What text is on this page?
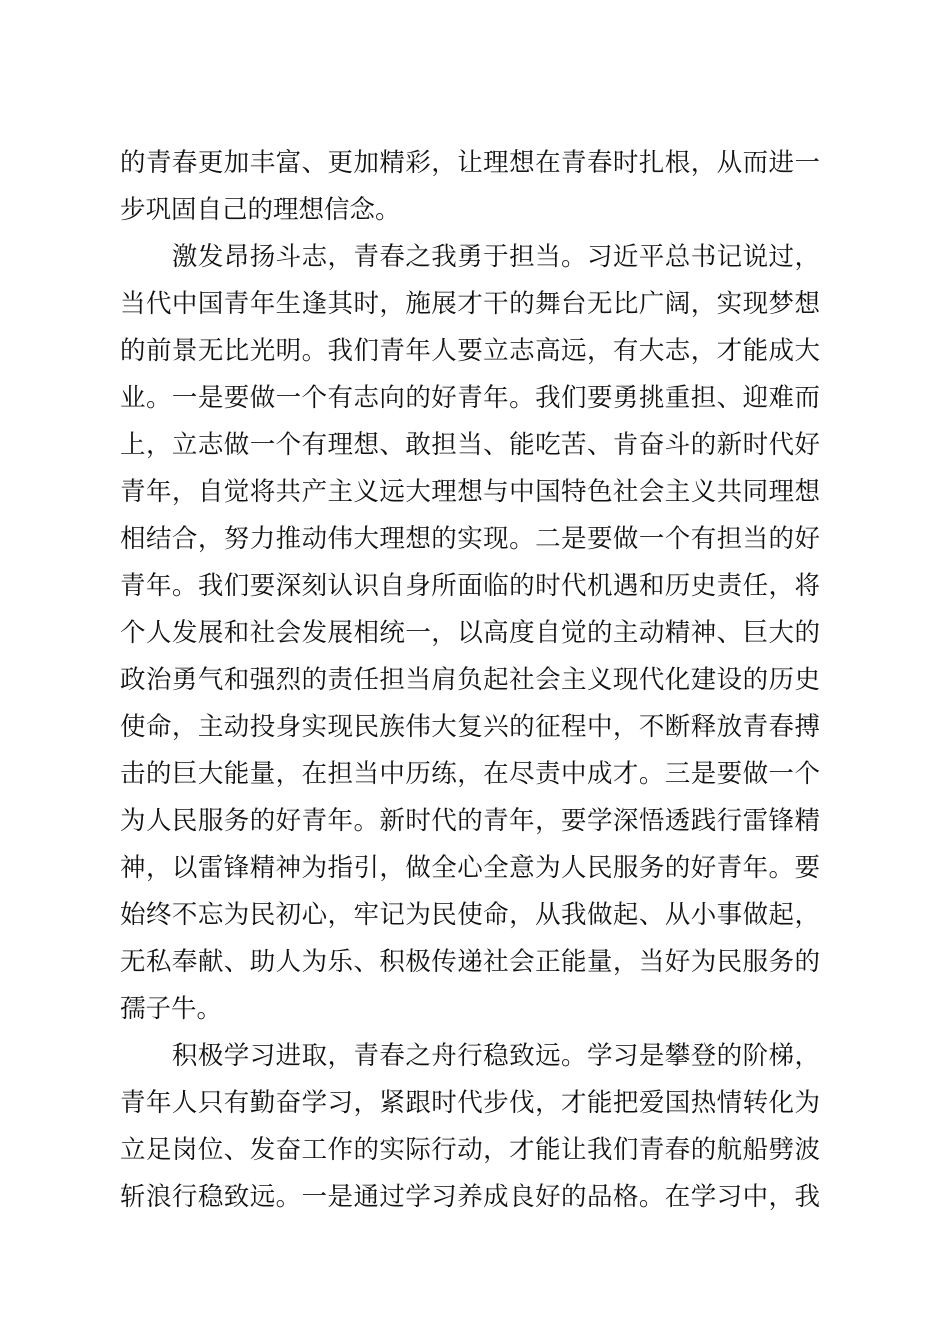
的青春更加丰富、更加精彩，让理想在青春时扎根，从而进一
步巩固自己的理想信念。
　　激发昂扬斗志，青春之我勇于担当。习近平总书记说过，
当代中国青年生逢其时，施展才干的舞台无比广阔，实现梦想
的前景无比光明。我们青年人要立志高远，有大志，才能成大
业。一是要做一个有志向的好青年。我们要勇挑重担、迎难而
上，立志做一个有理想、敢担当、能吃苦、肯奋斗的新时代好
青年，自觉将共产主义远大理想与中国特色社会主义共同理想
相结合，努力推动伟大理想的实现。二是要做一个有担当的好
青年。我们要深刻认识自身所面临的时代机遇和历史责任，将
个人发展和社会发展相统一，以高度自觉的主动精神、巨大的
政治勇气和强烈的责任担当肩负起社会主义现代化建设的历史
使命，主动投身实现民族伟大复兴的征程中，不断释放青春搏
击的巨大能量，在担当中历练，在尽责中成才。三是要做一个
为人民服务的好青年。新时代的青年，要学深悟透践行雷锋精
神，以雷锋精神为指引，做全心全意为人民服务的好青年。要
始终不忘为民初心，牢记为民使命，从我做起、从小事做起，
无私奉献、助人为乐、积极传递社会正能量，当好为民服务的
孺子牛。
　　积极学习进取，青春之舟行稳致远。学习是攀登的阶梯，
青年人只有勤奋学习，紧跟时代步伐，才能把爱国热情转化为
立足岗位、发奋工作的实际行动，才能让我们青春的航船劈波
斩浪行稳致远。一是通过学习养成良好的品格。在学习中，我
